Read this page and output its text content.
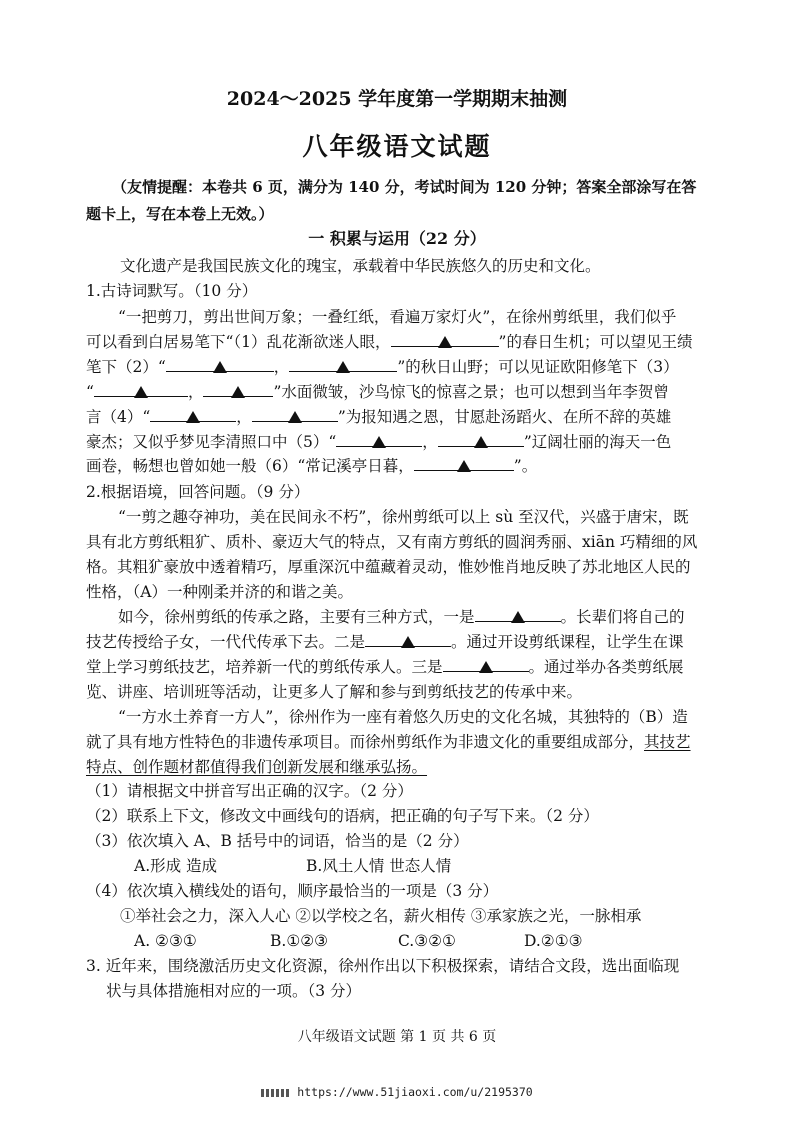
2024～2025 学年度第一学期期末抽测
八年级语文试题
（友情提醒：本卷共 6 页，满分为 140 分，考试时间为 120 分钟；答案全部涂写在答
题卡上，写在本卷上无效。）
一 积累与运用（22 分）
文化遗产是我国民族文化的瑰宝，承载着中华民族悠久的历史和文化。
1.古诗词默写。（10 分）
“一把剪刀，剪出世间万象；一叠红纸，看遍万家灯火”，在徐州剪纸里，我们似乎
可以看到白居易笔下“（1）乱花渐欲迷人眼，	”的春日生机；可以望见王绩
笔下（2）“	，	”的秋日山野；可以见证欧阳修笔下（3）
“	，	”水面微皱，沙鸟惊飞的惊喜之景；也可以想到当年李贺曾
言（4）“	，	”为报知遇之恩，甘愿赴汤蹈火、在所不辞的英雄
豪杰；又似乎梦见李清照口中（5）“	，	”辽阔壮丽的海天一色
画卷，畅想也曾如她一般（6）“常记溪亭日暮，	”。
2.根据语境，回答问题。（9 分）
“一剪之趣夺神功，美在民间永不朽”，徐州剪纸可以上 sù 至汉代，兴盛于唐宋，既
具有北方剪纸粗犷、质朴、豪迈大气的特点，又有南方剪纸的圆润秀丽、xiān 巧精细的风
格。其粗犷豪放中透着精巧，厚重深沉中蕴藏着灵动，惟妙惟肖地反映了苏北地区人民的
性格，（A）一种刚柔并济的和谐之美。
如今，徐州剪纸的传承之路，主要有三种方式，一是	。长辈们将自己的
技艺传授给子女，一代代传承下去。二是	。通过开设剪纸课程，让学生在课
堂上学习剪纸技艺，培养新一代的剪纸传承人。三是	。通过举办各类剪纸展
览、讲座、培训班等活动，让更多人了解和参与到剪纸技艺的传承中来。
“一方水土养育一方人”，徐州作为一座有着悠久历史的文化名城，其独特的（B）造
就了具有地方性特色的非遗传承项目。而徐州剪纸作为非遗文化的重要组成部分，其技艺
特点、创作题材都值得我们创新发展和继承弘扬。
（1）请根据文中拼音写出正确的汉字。（2 分）
（2）联系上下文，修改文中画线句的语病，把正确的句子写下来。（2 分）
（3）依次填入 A、B 括号中的词语，恰当的是（2 分）
A.形成 造成	B.风土人情 世态人情
（4）依次填入横线处的语句，顺序最恰当的一项是（3 分）
①举社会之力，深入人心 ②以学校之名，薪火相传 ③承家族之光，一脉相承
A. ②③①	B.①②③	C.③②①	D.②①③
3. 近年来，围绕激活历史文化资源，徐州作出以下积极探索，请结合文段，选出面临现
状与具体措施相对应的一项。（3 分）
八年级语文试题 第 1 页 共 6 页
https://www.51jiaoxi.com/u/2195370
